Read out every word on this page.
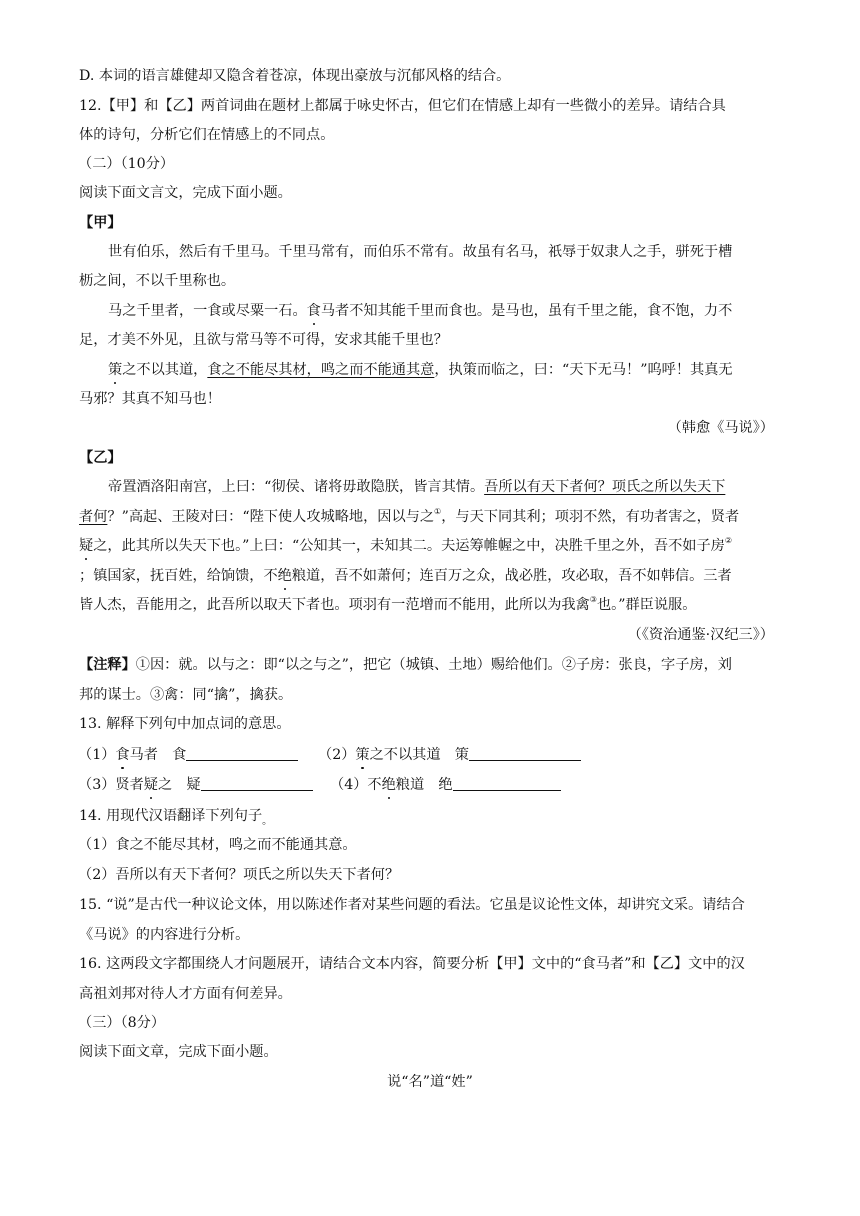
D. 本词的语言雄健却又隐含着苍凉，体现出豪放与沉郁风格的结合。
12.【甲】和【乙】两首词曲在题材上都属于咏史怀古，但它们在情感上却有一些微小的差异。请结合具
体的诗句，分析它们在情感上的不同点。
（二）（10分）
阅读下面文言文，完成下面小题。
【甲】
世有伯乐，然后有千里马。千里马常有，而伯乐不常有。故虽有名马，祇辱于奴隶人之手，骈死于槽
枥之间，不以千里称也。
马之千里者，一食或尽粟一石。食马者不知其能千里而食也。是马也，虽有千里之能，食不饱，力不
足，才美不外见，且欲与常马等不可得，安求其能千里也？
策之不以其道，食之不能尽其材，鸣之而不能通其意，执策而临之，曰：“天下无马！”呜呼！其真无
马邪？其真不知马也！
（韩愈《马说》）
【乙】
帝置酒洛阳南宫，上曰：“彻侯、诸将毋敢隐朕，皆言其情。吾所以有天下者何？项氏之所以失天下
者何？”高起、王陵对曰：“陛下使人攻城略地，因以与之①，与天下同其利；项羽不然，有功者害之，贤者
疑之，此其所以失天下也。”上曰：“公知其一，未知其二。夫运筹帷幄之中，决胜千里之外，吾不如子房②
；镇国家，抚百姓，给饷馈，不绝粮道，吾不如萧何；连百万之众，战必胜，攻必取，吾不如韩信。三者
皆人杰，吾能用之，此吾所以取天下者也。项羽有一范增而不能用，此所以为我禽③也。”群臣说服。
（《资治通鉴·汉纪三》）
【注释】①因：就。以与之：即“以之与之”，把它（城镇、土地）赐给他们。②子房：张良，字子房，刘
邦的谋士。③禽：同“擒”，擒获。
13. 解释下列句中加点词的意思。
（1）食马者　食	（2）策之不以其道　策
（3）贤者疑之　疑	（4）不绝粮道　绝
14. 用现代汉语翻译下列句子$_。$
（1）食之不能尽其材，鸣之而不能通其意。
（2）吾所以有天下者何？项氏之所以失天下者何？
15. “说”是古代一种议论文体，用以陈述作者对某些问题的看法。它虽是议论性文体，却讲究文采。请结合
《马说》的内容进行分析。
16. 这两段文字都围绕人才问题展开，请结合文本内容，简要分析【甲】文中的“食马者”和【乙】文中的汉
高祖刘邦对待人才方面有何差异。
（三）（8分）
阅读下面文章，完成下面小题。
说“名”道“姓”
